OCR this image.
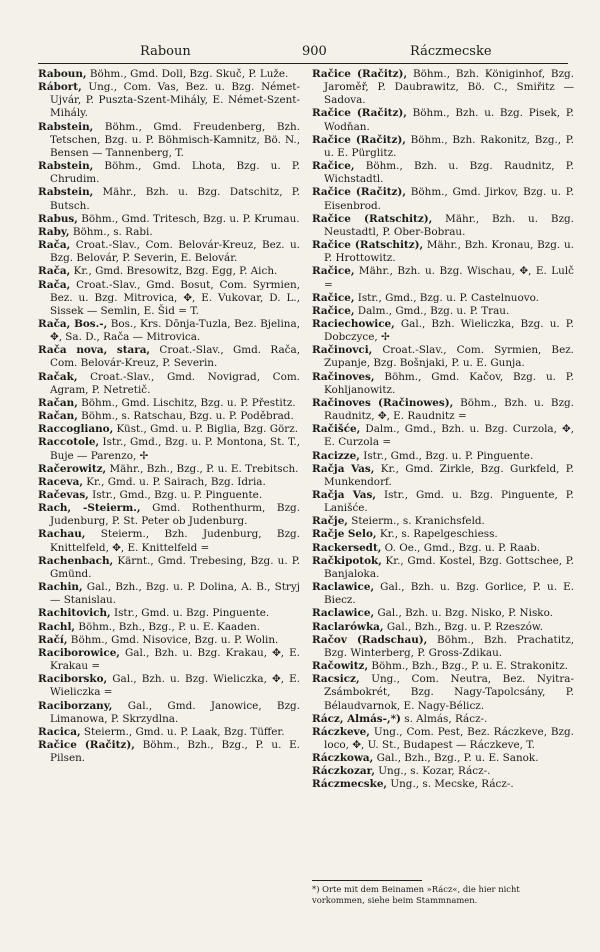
Raboun	900	Ráczmecske

Raboun, Böhm., Gmd. Doll, Bzg. Skuč, P. Luže.

Rábort, Ung., Com. Vas, Bez. u. Bzg. Német-Ujvár, P. Puszta-Szent-Mihály, E. Német-Szent-Mihály.

Rabstein, Böhm., Gmd. Freudenberg, Bzh. Tetschen, Bzg. u. P. Böhmisch-Kamnitz, Bö. N., Bensen — Tannenberg, T.

Rabstein, Böhm., Gmd. Lhota, Bzg. u. P. Chrudim.

Rabstein, Mähr., Bzh. u. Bzg. Datschitz, P. Butsch.

Rabus, Böhm., Gmd. Tritesch, Bzg. u. P. Krumau.

Raby, Böhm., s. Rabi.

Rača, Croat.-Slav., Com. Belovár-Kreuz, Bez. u. Bzg. Belovár, P. Severin, E. Belovár.

Rača, Kr., Gmd. Bresowitz, Bzg. Egg, P. Aich.

Rača, Croat.-Slav., Gmd. Bosut, Com. Syrmien, Bez. u. Bzg. Mitrovica, ✥, E. Vukovar, D. L., Sissek — Semlin, E. Šid = T.

Rača, Bos.-, Bos., Krs. Dōnja-Tuzla, Bez. Bjelina, ✥, Sa. D., Rača — Mitrovica.

Rača nova, stara, Croat.-Slav., Gmd. Rača, Com. Belovár-Kreuz, P. Severin.

Račak, Croat.-Slav., Gmd. Novigrad, Com. Agram, P. Netretič.

Račan, Böhm., Gmd. Lischitz, Bzg. u. P. Přestitz.

Račan, Böhm., s. Ratschau, Bzg. u. P. Poděbrad.

Raccogliano, Küst., Gmd. u. P. Biglia, Bzg. Görz.

Raccotole, Istr., Gmd., Bzg. u. P. Montona, St. T., Buje — Parenzo, ✢

Račerowitz, Mähr., Bzh., Bzg., P. u. E. Trebitsch.

Raceva, Kr., Gmd. u. P. Sairach, Bzg. Idria.

Račevas, Istr., Gmd., Bzg. u. P. Pinguente.

Rach, -Steierm., Gmd. Rothenthurm, Bzg. Judenburg, P. St. Peter ob Judenburg.

Rachau, Steierm., Bzh. Judenburg, Bzg. Knittelfeld, ✥, E. Knittelfeld =

Rachenbach, Kärnt., Gmd. Trebesing, Bzg. u. P. Gmünd.

Rachin, Gal., Bzh., Bzg. u. P. Dolina, A. B., Stryj — Stanislau.

Rachitovich, Istr., Gmd. u. Bzg. Pinguente.

Rachl, Böhm., Bzh., Bzg., P. u. E. Kaaden.

Račí, Böhm., Gmd. Nisovice, Bzg. u. P. Wolin.

Raciborowice, Gal., Bzh. u. Bzg. Krakau, ✥, E. Krakau =

Raciborsko, Gal., Bzh. u. Bzg. Wieliczka, ✥, E. Wieliczka =

Raciborzany, Gal., Gmd. Janowice, Bzg. Limanowa, P. Skrzydlna.

Racica, Steierm., Gmd. u. P. Laak, Bzg. Tüffer.

Račice (Račitz), Böhm., Bzh., Bzg., P. u. E. Pilsen.

Račice (Račitz), Böhm., Bzh. Königinhof, Bzg. Jaroměř, P. Daubrawitz, Bö. C., Smiřitz — Sadova.

Račice (Račitz), Böhm., Bzh. u. Bzg. Pisek, P. Wodňan.

Račice (Račitz), Böhm., Bzh. Rakonitz, Bzg., P. u. E. Pürglitz.

Račice, Böhm., Bzh. u. Bzg. Raudnitz, P. Wichstadtl.

Račice (Račitz), Böhm., Gmd. Jirkov, Bzg. u. P. Eisenbrod.

Račice (Ratschitz), Mähr., Bzh. u. Bzg. Neustadtl, P. Ober-Bobrau.

Račice (Ratschitz), Mähr., Bzh. Kronau, Bzg. u. P. Hrottowitz.

Račice, Mähr., Bzh. u. Bzg. Wischau, ✥, E. Lulč =

Račice, Istr., Gmd., Bzg. u. P. Castelnuovo.

Račice, Dalm., Gmd., Bzg. u. P. Trau.

Raciechowice, Gal., Bzh. Wieliczka, Bzg. u. P. Dobczyce, ✢

Račinovci, Croat.-Slav., Com. Syrmien, Bez. Zupanje, Bzg. Bošnjaki, P. u. E. Gunja.

Račinoves, Böhm., Gmd. Kačov, Bzg. u. P. Kohljanowitz.

Račinoves (Račinowes), Böhm., Bzh. u. Bzg. Raudnitz, ✥, E. Raudnitz =

Račišće, Dalm., Gmd., Bzh. u. Bzg. Curzola, ✥, E. Curzola =

Racizze, Istr., Gmd., Bzg. u. P. Pinguente.

Račja Vas, Kr., Gmd. Zirkle, Bzg. Gurkfeld, P. Munkendorf.

Račja Vas, Istr., Gmd. u. Bzg. Pinguente, P. Lanišće.

Račje, Steierm., s. Kranichsfeld.

Račje Selo, Kr., s. Rapelgeschiess.

Rackersedt, O. Oe., Gmd., Bzg. u. P. Raab.

Račkipotok, Kr., Gmd. Kostel, Bzg. Gottschee, P. Banjaloka.

Raclawice, Gal., Bzh. u. Bzg. Gorlice, P. u. E. Biecz.

Raclawice, Gal., Bzh. u. Bzg. Nisko, P. Nisko.

Raclarówka, Gal., Bzh., Bzg. u. P. Rzeszów.

Račov (Radschau), Böhm., Bzh. Prachatitz, Bzg. Winterberg, P. Gross-Zdikau.

Račowitz, Böhm., Bzh., Bzg., P. u. E. Strakonitz.

Racsicz, Ung., Com. Neutra, Bez. Nyitra-Zsámbokrét, Bzg. Nagy-Tapolcsány, P. Bélaudvarnok, E. Nagy-Bélicz.

Rácz, Almás-,*) s. Almás, Rácz-.

Ráczkeve, Ung., Com. Pest, Bez. Ráczkeve, Bzg. loco, ✥, U. St., Budapest — Ráczkeve, T.

Ráczkowa, Gal., Bzh., Bzg., P. u. E. Sanok.

Ráczkozar, Ung., s. Kozar, Rácz-.

Ráczmecske, Ung., s. Mecske, Rácz-.

*) Orte mit dem Beinamen »Rácz«, die hier nicht vorkommen, siehe beim Stammnamen.
